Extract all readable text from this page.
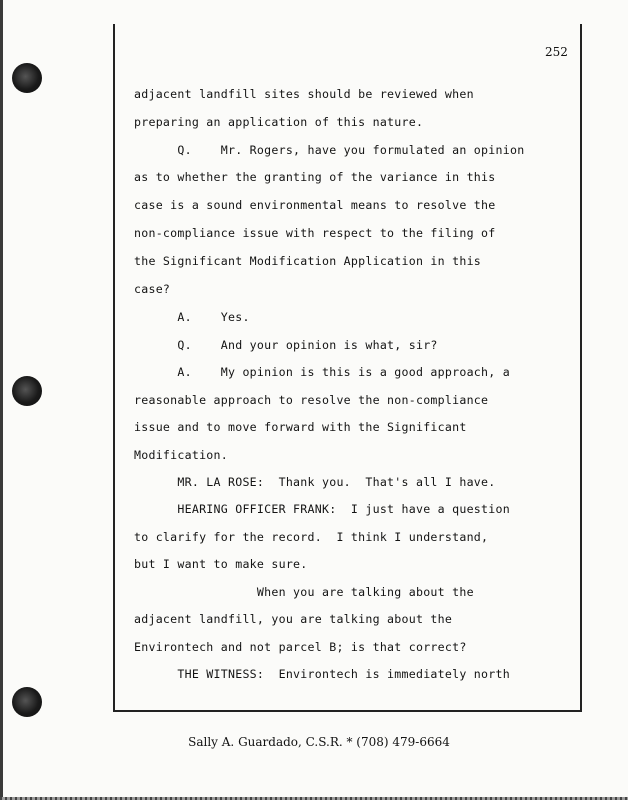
252
adjacent landfill sites should be reviewed when
preparing an application of this nature.
Q.    Mr. Rogers, have you formulated an opinion
as to whether the granting of the variance in this
case is a sound environmental means to resolve the
non-compliance issue with respect to the filing of
the Significant Modification Application in this
case?
A.    Yes.
Q.    And your opinion is what, sir?
A.    My opinion is this is a good approach, a
reasonable approach to resolve the non-compliance
issue and to move forward with the Significant
Modification.
MR. LA ROSE:  Thank you.  That's all I have.
HEARING OFFICER FRANK:  I just have a question
to clarify for the record.  I think I understand,
but I want to make sure.
When you are talking about the
adjacent landfill, you are talking about the
Environtech and not parcel B; is that correct?
THE WITNESS:  Environtech is immediately north
Sally A. Guardado, C.S.R. * (708) 479-6664
